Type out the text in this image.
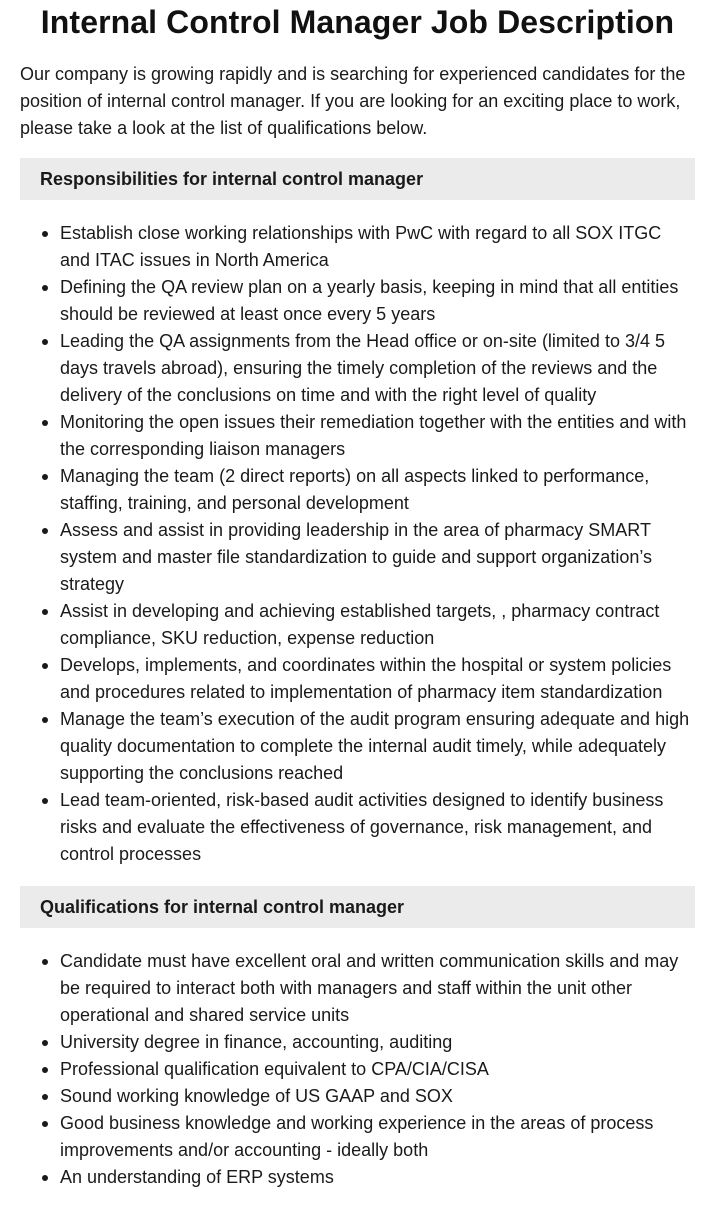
Internal Control Manager Job Description

Our company is growing rapidly and is searching for experienced candidates for the position of internal control manager. If you are looking for an exciting place to work, please take a look at the list of qualifications below.

Responsibilities for internal control manager
Establish close working relationships with PwC with regard to all SOX ITGC and ITAC issues in North America
Defining the QA review plan on a yearly basis, keeping in mind that all entities should be reviewed at least once every 5 years
Leading the QA assignments from the Head office or on-site (limited to 3/4 5 days travels abroad), ensuring the timely completion of the reviews and the delivery of the conclusions on time and with the right level of quality
Monitoring the open issues their remediation together with the entities and with the corresponding liaison managers
Managing the team (2 direct reports) on all aspects linked to performance, staffing, training, and personal development
Assess and assist in providing leadership in the area of pharmacy SMART system and master file standardization to guide and support organization’s strategy
Assist in developing and achieving established targets, , pharmacy contract compliance, SKU reduction, expense reduction
Develops, implements, and coordinates within the hospital or system policies and procedures related to implementation of pharmacy item standardization
Manage the team’s execution of the audit program ensuring adequate and high quality documentation to complete the internal audit timely, while adequately supporting the conclusions reached
Lead team-oriented, risk-based audit activities designed to identify business risks and evaluate the effectiveness of governance, risk management, and control processes
Qualifications for internal control manager
Candidate must have excellent oral and written communication skills and may be required to interact both with managers and staff within the unit other operational and shared service units
University degree in finance, accounting, auditing
Professional qualification equivalent to CPA/CIA/CISA
Sound working knowledge of US GAAP and SOX
Good business knowledge and working experience in the areas of process improvements and/or accounting - ideally both
An understanding of ERP systems
